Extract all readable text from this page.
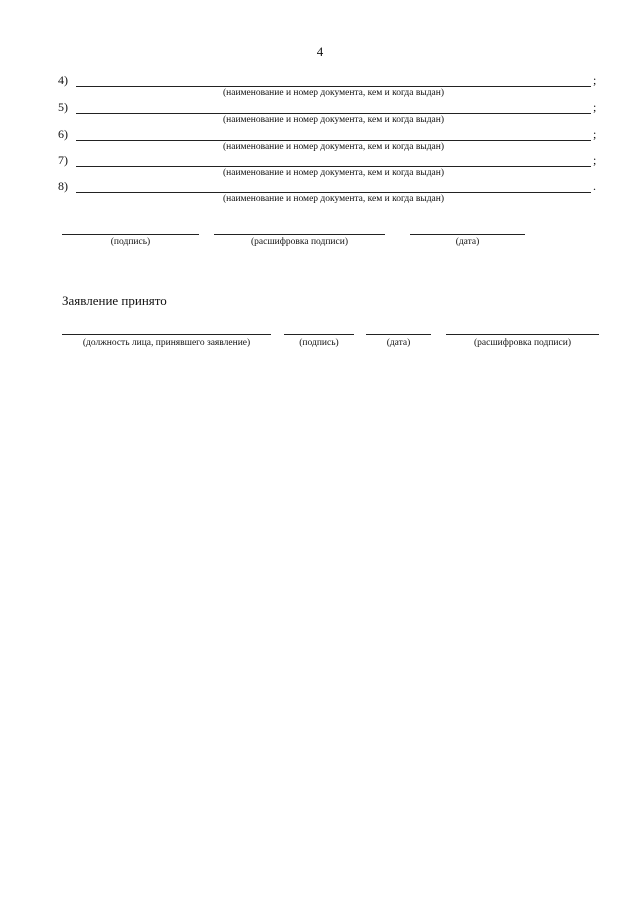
4
4)	;
(наименование и номер документа, кем и когда выдан)
5)	;
(наименование и номер документа, кем и когда выдан)
6)	;
(наименование и номер документа, кем и когда выдан)
7)	;
(наименование и номер документа, кем и когда выдан)
8)	.
(наименование и номер документа, кем и когда выдан)
(подпись)	(расшифровка подписи)	(дата)
Заявление принято
(должность лица, принявшего заявление)	(подпись)	(дата)	(расшифровка подписи)
